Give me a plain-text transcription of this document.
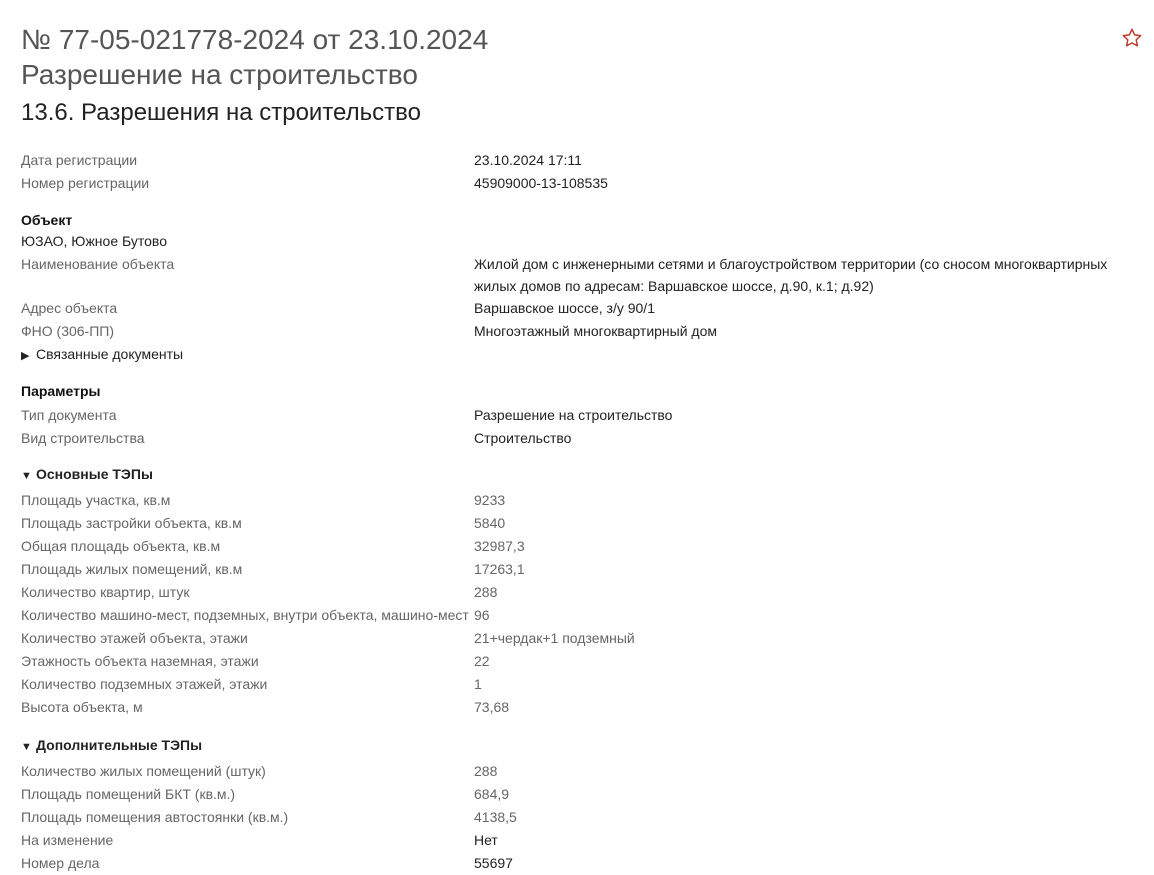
№ 77-05-021778-2024 от 23.10.2024
Разрешение на строительство
13.6. Разрешения на строительство
Дата регистрации	23.10.2024 17:11
Номер регистрации	45909000-13-108535
Объект
ЮЗАО, Южное Бутово
Наименование объекта	Жилой дом с инженерными сетями и благоустройством территории (со сносом многоквартирных жилых домов по адресам: Варшавское шоссе, д.90, к.1; д.92)
Адрес объекта	Варшавское шоссе, з/у 90/1
ФНО (306-ПП)	Многоэтажный многоквартирный дом
▶ Связанные документы
Параметры
Тип документа	Разрешение на строительство
Вид строительства	Строительство
▼ Основные ТЭПы
Площадь участка, кв.м	9233
Площадь застройки объекта, кв.м	5840
Общая площадь объекта, кв.м	32987,3
Площадь жилых помещений, кв.м	17263,1
Количество квартир, штук	288
Количество машино-мест, подземных, внутри объекта, машино-мест 96
Количество этажей объекта, этажи	21+чердак+1 подземный
Этажность объекта наземная, этажи	22
Количество подземных этажей, этажи	1
Высота объекта, м	73,68
▼ Дополнительные ТЭПы
Количество жилых помещений (штук)	288
Площадь помещений БКТ (кв.м.)	684,9
Площадь помещения автостоянки (кв.м.)	4138,5
На изменение	Нет
Номер дела	55697
